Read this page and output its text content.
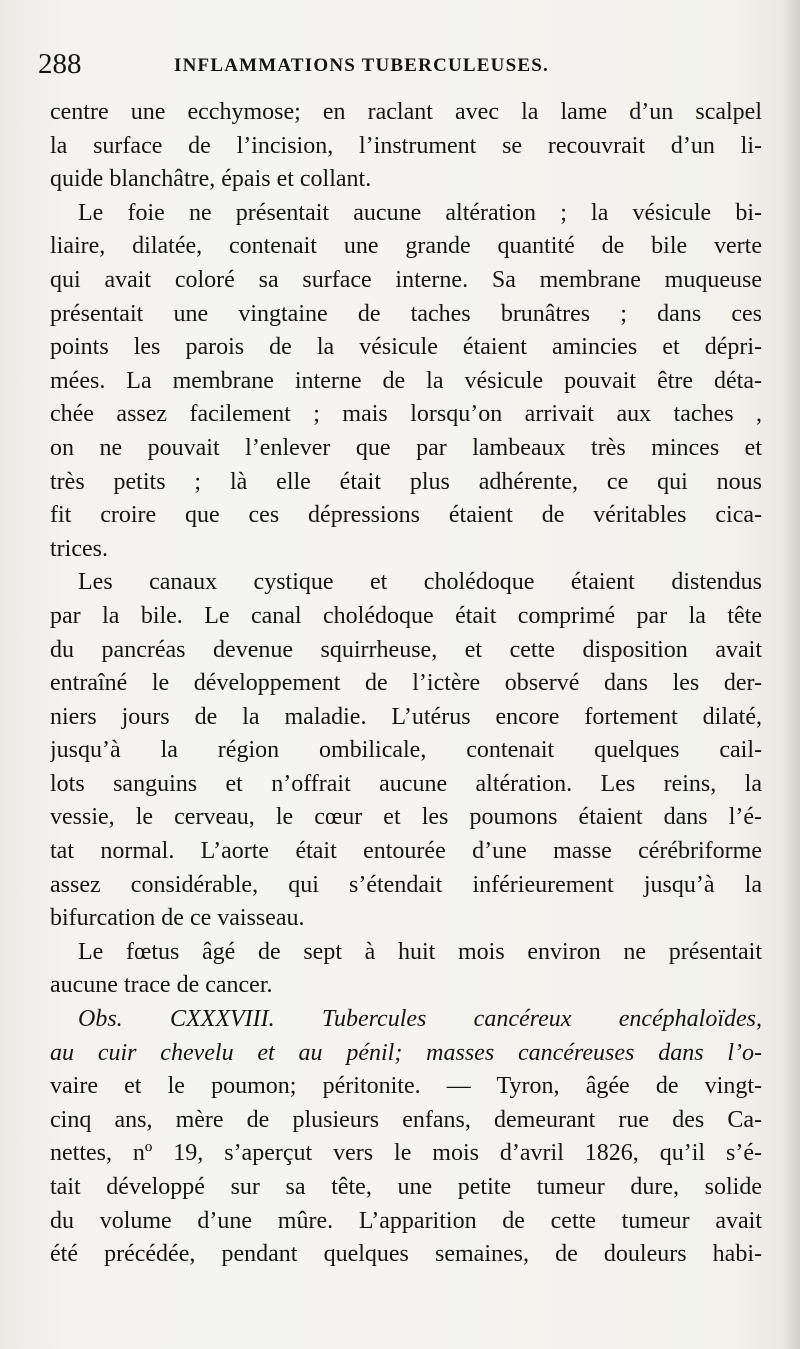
288	INFLAMMATIONS TUBERCULEUSES.
centre une ecchymose; en raclant avec la lame d’un scalpel
la surface de l’incision, l’instrument se recouvrait d’un li-
quide blanchâtre, épais et collant.
Le foie ne présentait aucune altération ; la vésicule bi-
liaire, dilatée, contenait une grande quantité de bile verte
qui avait coloré sa surface interne. Sa membrane muqueuse
présentait une vingtaine de taches brunâtres ; dans ces
points les parois de la vésicule étaient amincies et dépri-
mées. La membrane interne de la vésicule pouvait être déta-
chée assez facilement ; mais lorsqu’on arrivait aux taches ,
on ne pouvait l’enlever que par lambeaux très minces et
très petits ; là elle était plus adhérente, ce qui nous
fit croire que ces dépressions étaient de véritables cica-
trices.
Les canaux cystique et cholédoque étaient distendus
par la bile. Le canal cholédoque était comprimé par la tête
du pancréas devenue squirrheuse, et cette disposition avait
entraîné le développement de l’ictère observé dans les der-
niers jours de la maladie. L’utérus encore fortement dilaté,
jusqu’à la région ombilicale, contenait quelques cail-
lots sanguins et n’offrait aucune altération. Les reins, la
vessie, le cerveau, le cœur et les poumons étaient dans l’é-
tat normal. L’aorte était entourée d’une masse cérébriforme
assez considérable, qui s’étendait inférieurement jusqu’à la
bifurcation de ce vaisseau.
Le fœtus âgé de sept à huit mois environ ne présentait
aucune trace de cancer.
Obs. CXXXVIII. Tubercules cancéreux encéphaloïdes,
au cuir chevelu et au pénil; masses cancéreuses dans l’o-
vaire et le poumon; péritonite. — Tyron, âgée de vingt-
cinq ans, mère de plusieurs enfans, demeurant rue des Ca-
nettes, nº 19, s’aperçut vers le mois d’avril 1826, qu’il s’é-
tait développé sur sa tête, une petite tumeur dure, solide
du volume d’une mûre. L’apparition de cette tumeur avait
été précédée, pendant quelques semaines, de douleurs habi-
